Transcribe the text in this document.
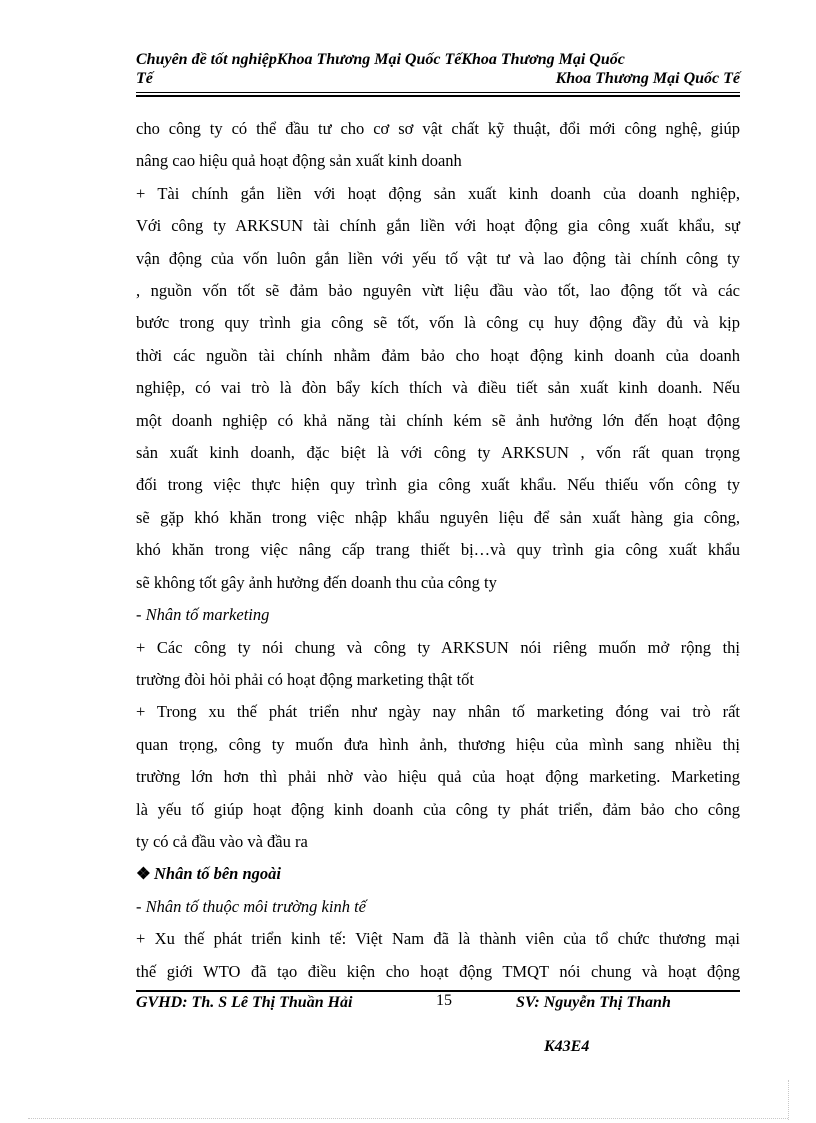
Chuyên đề tốt nghiệpKhoa Thương Mại Quốc TếKhoa Thương Mại Quốc
Tế	Khoa Thương Mại Quốc Tế

cho công ty có thể đầu tư cho cơ sơ vật chất kỹ thuật, đổi mới công nghệ, giúp

nâng cao hiệu quả hoạt động sản xuất kinh doanh

+ Tài chính gắn liền với hoạt động sản xuất kinh doanh của doanh nghiệp,

Với công ty ARKSUN tài chính gắn liền với hoạt động gia công xuất khẩu, sự

vận động của vốn luôn gắn liền với yếu tố vật tư và lao động tài chính công ty

, nguồn vốn tốt sẽ đảm bảo nguyên vừt liệu đầu vào tốt, lao động tốt và các

bước trong quy trình gia công sẽ tốt, vốn là công cụ huy động đầy đủ và kịp

thời các nguồn tài chính nhằm đảm bảo cho hoạt động kinh doanh của doanh

nghiệp, có vai trò là đòn bẩy kích thích và điều tiết sản xuất kinh doanh. Nếu

một doanh nghiệp có khả năng tài chính kém sẽ ảnh hưởng lớn đến hoạt động

sản xuất kinh doanh, đặc biệt là với công ty ARKSUN , vốn rất quan trọng

đối trong việc thực hiện quy trình gia công xuất khẩu. Nếu thiếu vốn công ty

sẽ gặp khó khăn trong việc nhập khẩu nguyên liệu để sản xuất hàng gia công,

khó khăn trong việc nâng cấp trang thiết bị…và quy trình gia công xuất khẩu

sẽ không tốt gây ảnh hưởng đến doanh thu của công ty

- Nhân tố marketing

+ Các công ty nói chung và công ty ARKSUN nói riêng muốn mở rộng thị

trường đòi hỏi phải có hoạt động marketing thật tốt

+ Trong xu thế phát triển như ngày nay nhân tố marketing đóng vai trò rất

quan trọng, công ty muốn đưa hình ảnh, thương hiệu của mình sang nhiều thị

trường lớn hơn thì phải nhờ vào hiệu quả của hoạt động marketing. Marketing

là yếu tố giúp hoạt động kinh doanh của công ty phát triển, đảm bảo cho công

ty có cả đầu vào và đầu ra

❖ Nhân tố bên ngoài

- Nhân tố thuộc môi trường kinh tế

+ Xu thế phát triển kinh tế: Việt Nam đã là thành viên của tổ chức thương mại

thế giới WTO đã tạo điều kiện cho hoạt động TMQT nói chung và hoạt động

GVHD: Th. S Lê Thị Thuần Hải	15	SV: Nguyễn Thị Thanh
K43E4
